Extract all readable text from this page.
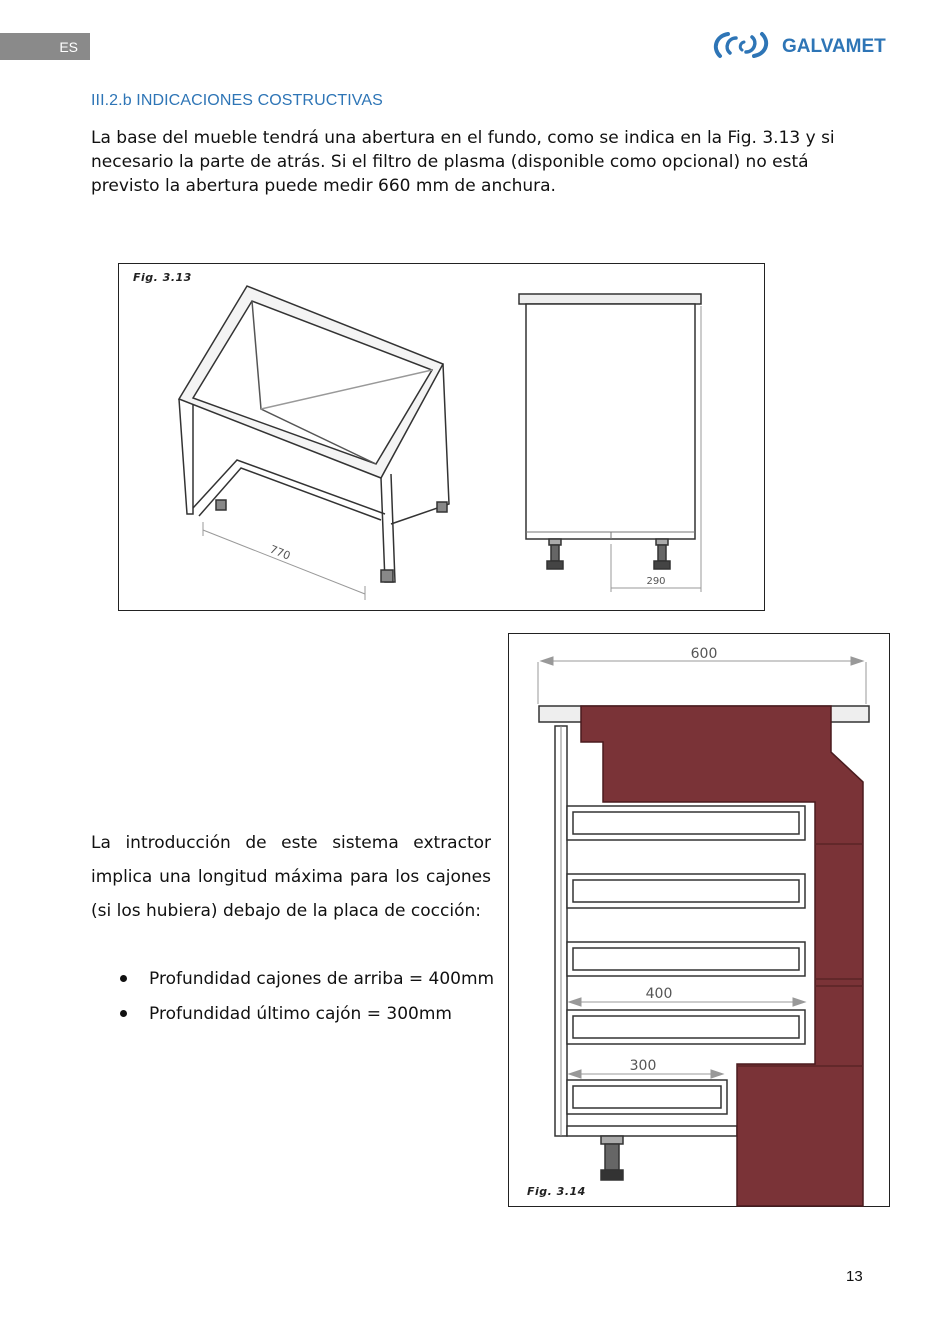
ES	GALVAMET
III.2.b INDICACIONES COSTRUCTIVAS

La base del mueble tendrá una abertura en el fundo, como se indica en la Fig. 3.13 y si necesario la parte de atrás. Si el filtro de plasma (disponible como opcional) no está previsto la abertura puede medir 660 mm de anchura.

770
290
Fig. 3.13
600
400
300
Fig. 3.14

La introducción de este sistema extractor implica una longitud máxima para los cajones (si los hubiera) debajo de la placa de cocción:

Profundidad cajones de arriba = 400mm
Profundidad último cajón = 300mm
13
